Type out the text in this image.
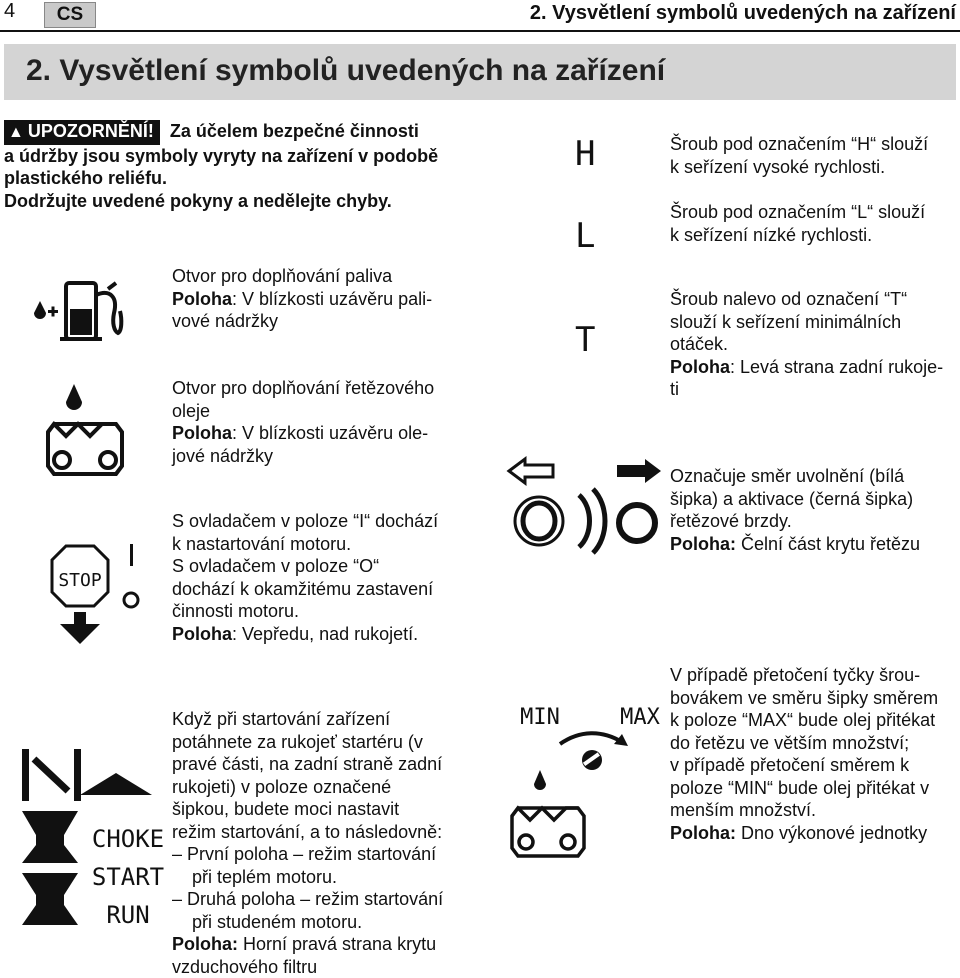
4	CS	2. Vysvětlení symbolů uvedených na zařízení
2. Vysvětlení symbolů uvedených na zařízení
▲ UPOZORNĚNÍ! Za účelem bezpečné činnosti
a údržby jsou symboly vyryty na zařízení v podobě
plastického reliéfu.
Dodržujte uvedené pokyny a nedělejte chyby.
Otvor pro doplňování paliva
Poloha: V blízkosti uzávěru pali-
vové nádržky
Otvor pro doplňování řetězového
oleje
Poloha: V blízkosti uzávěru ole-
jové nádržky
STOP
S ovladačem v poloze “I“ dochází
k nastartování motoru.
S ovladačem v poloze “O“
dochází k okamžitému zastavení
činnosti motoru.
Poloha: Vepředu, nad rukojetí.
CHOKE
START
RUN
Když při startování zařízení
potáhnete za rukojeť startéru (v
pravé části, na zadní straně zadní
rukojeti) v poloze označené
šipkou, budete moci nastavit
režim startování, a to následovně:
– První poloha – režim startování
při teplém motoru.
– Druhá poloha – režim startování
při studeném motoru.
Poloha: Horní pravá strana krytu
vzduchového filtru
H
L
T
Šroub pod označením “H“ slouží
k seřízení vysoké rychlosti.
Šroub pod označením “L“ slouží
k seřízení nízké rychlosti.
Šroub nalevo od označení “T“
slouží k seřízení minimálních
otáček.
Poloha: Levá strana zadní rukoje-
ti
Označuje směr uvolnění (bílá
šipka) a aktivace (černá šipka)
řetězové brzdy.
Poloha: Čelní část krytu řetězu
MIN	MAX
V případě přetočení tyčky šrou-
bovákem ve směru šipky směrem
k poloze “MAX“ bude olej přitékat
do řetězu ve větším množství;
v případě přetočení směrem k
poloze “MIN“ bude olej přitékat v
menším množství.
Poloha: Dno výkonové jednotky
